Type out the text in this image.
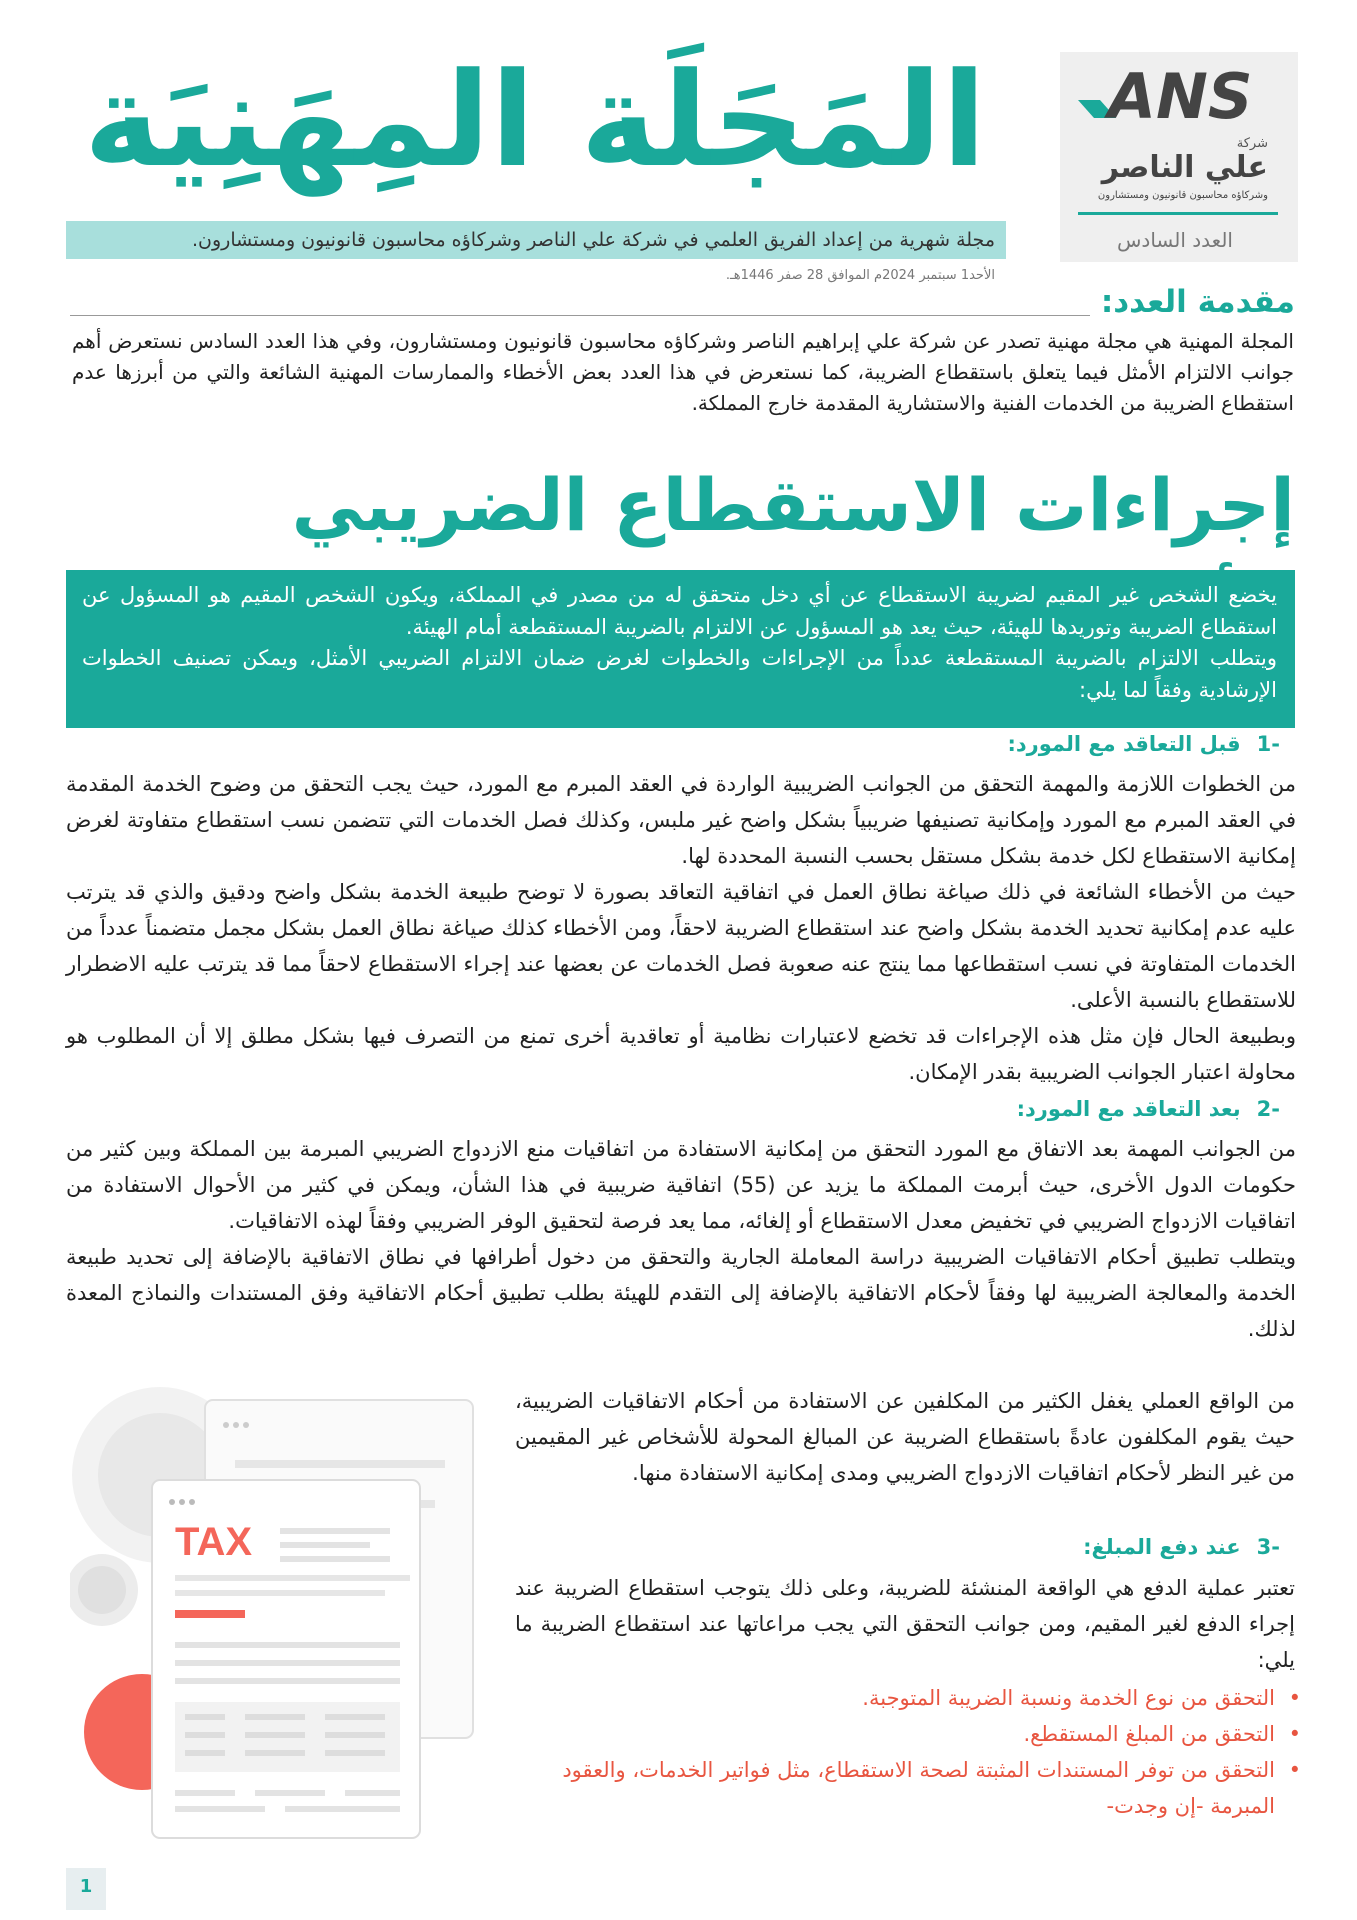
ANS
شركة
علي الناصر
وشركاؤه محاسبون قانونيون ومستشارون
العدد السادس
المَجَلَة المِهَنِيَة
مجلة شهرية من إعداد الفريق العلمي في شركة علي الناصر وشركاؤه محاسبون قانونيون ومستشارون.
الأحد1 سبتمبر 2024م الموافق 28 صفر 1446هـ.
مقدمة العدد:
المجلة المهنية هي مجلة مهنية تصدر عن شركة علي إبراهيم الناصر وشركاؤه محاسبون قانونيون ومستشارون، وفي هذا العدد السادس نستعرض أهم جوانب الالتزام الأمثل فيما يتعلق باستقطاع الضريبة، كما نستعرض في هذا العدد بعض الأخطاء والممارسات المهنية الشائعة والتي من أبرزها عدم استقطاع الضريبة من الخدمات الفنية والاستشارية المقدمة خارج المملكة.
إجراءات الاستقطاع الضريبي
يخضع الشخص غير المقيم لضريبة الاستقطاع عن أي دخل متحقق له من مصدر في المملكة، ويكون الشخص المقيم هو المسؤول عن استقطاع الضريبة وتوريدها للهيئة، حيث يعد هو المسؤول عن الالتزام بالضريبة المستقطعة أمام الهيئة.
ويتطلب الالتزام بالضريبة المستقطعة عدداً من الإجراءات والخطوات لغرض ضمان الالتزام الضريبي الأمثل، ويمكن تصنيف الخطوات الإرشادية وفقاً لما يلي:
-1قبل التعاقد مع المورد:
من الخطوات اللازمة والمهمة التحقق من الجوانب الضريبية الواردة في العقد المبرم مع المورد، حيث يجب التحقق من وضوح الخدمة المقدمة في العقد المبرم مع المورد وإمكانية تصنيفها ضريبياً بشكل واضح غير ملبس، وكذلك فصل الخدمات التي تتضمن نسب استقطاع متفاوتة لغرض إمكانية الاستقطاع لكل خدمة بشكل مستقل بحسب النسبة المحددة لها.
حيث من الأخطاء الشائعة في ذلك صياغة نطاق العمل في اتفاقية التعاقد بصورة لا توضح طبيعة الخدمة بشكل واضح ودقيق والذي قد يترتب عليه عدم إمكانية تحديد الخدمة بشكل واضح عند استقطاع الضريبة لاحقاً، ومن الأخطاء كذلك صياغة نطاق العمل بشكل مجمل متضمناً عدداً من الخدمات المتفاوتة في نسب استقطاعها مما ينتج عنه صعوبة فصل الخدمات عن بعضها عند إجراء الاستقطاع لاحقاً مما قد يترتب عليه الاضطرار للاستقطاع بالنسبة الأعلى.
وبطبيعة الحال فإن مثل هذه الإجراءات قد تخضع لاعتبارات نظامية أو تعاقدية أخرى تمنع من التصرف فيها بشكل مطلق إلا أن المطلوب هو محاولة اعتبار الجوانب الضريبية بقدر الإمكان.
-2بعد التعاقد مع المورد:
من الجوانب المهمة بعد الاتفاق مع المورد التحقق من إمكانية الاستفادة من اتفاقيات منع الازدواج الضريبي المبرمة بين المملكة وبين كثير من حكومات الدول الأخرى، حيث أبرمت المملكة ما يزيد عن (55) اتفاقية ضريبية في هذا الشأن، ويمكن في كثير من الأحوال الاستفادة من اتفاقيات الازدواج الضريبي في تخفيض معدل الاستقطاع أو إلغائه، مما يعد فرصة لتحقيق الوفر الضريبي وفقاً لهذه الاتفاقيات.
ويتطلب تطبيق أحكام الاتفاقيات الضريبية دراسة المعاملة الجارية والتحقق من دخول أطرافها في نطاق الاتفاقية بالإضافة إلى تحديد طبيعة الخدمة والمعالجة الضريبية لها وفقاً لأحكام الاتفاقية بالإضافة إلى التقدم للهيئة بطلب تطبيق أحكام الاتفاقية وفق المستندات والنماذج المعدة لذلك.
من الواقع العملي يغفل الكثير من المكلفين عن الاستفادة من أحكام الاتفاقيات الضريبية، حيث يقوم المكلفون عادةً باستقطاع الضريبة عن المبالغ المحولة للأشخاص غير المقيمين من غير النظر لأحكام اتفاقيات الازدواج الضريبي ومدى إمكانية الاستفادة منها.
-3عند دفع المبلغ:
تعتبر عملية الدفع هي الواقعة المنشئة للضريبة، وعلى ذلك يتوجب استقطاع الضريبة عند إجراء الدفع لغير المقيم، ومن جوانب التحقق التي يجب مراعاتها عند استقطاع الضريبة ما يلي:
• التحقق من نوع الخدمة ونسبة الضريبة المتوجبة.
• التحقق من المبلغ المستقطع.
• التحقق من توفر المستندات المثبتة لصحة الاستقطاع، مثل فواتير الخدمات، والعقود المبرمة -إن وجدت-
TAX
1
